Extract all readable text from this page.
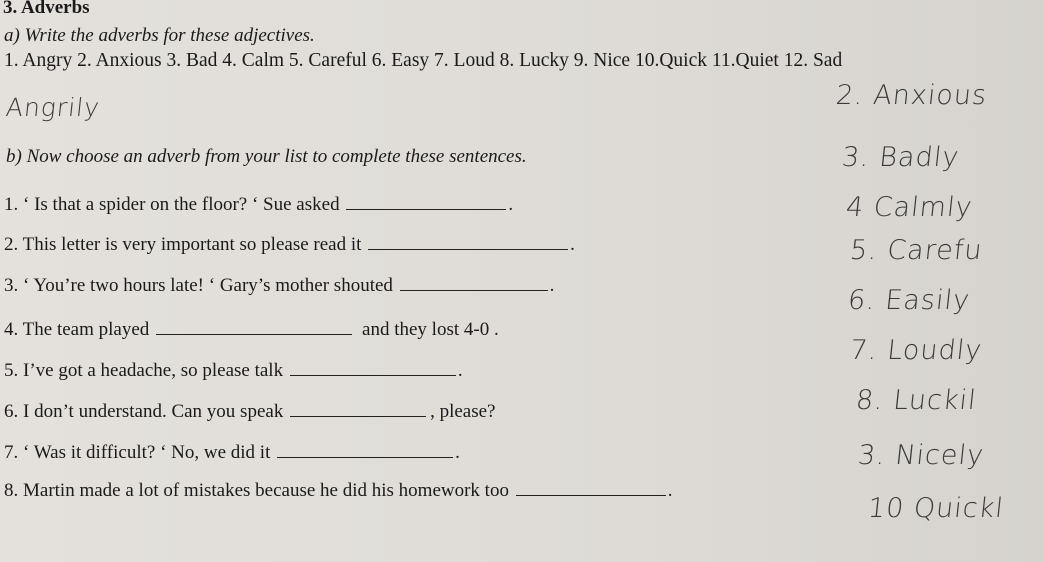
3. Adverbs
a) Write the adverbs for these adjectives.
1. Angry 2. Anxious 3. Bad 4. Calm 5. Careful 6. Easy 7. Loud 8. Lucky 9. Nice 10.Quick 11.Quiet 12. Sad
Angrily
b) Now choose an adverb from your list to complete these sentences.
1. ‘ Is that a spider on the floor? ‘ Sue asked	.
2. This letter is very important so please read it	.
3. ‘ You’re two hours late! ‘ Gary’s mother shouted	.
4. The team played	and they lost 4-0 .
5. I’ve got a headache, so please talk	.
6. I don’t understand. Can you speak	, please?
7. ‘ Was it difficult? ‘ No, we did it	.
8. Martin made a lot of mistakes because he did his homework too	.
2. Anxious
3. Badly
4 Calmly
5. Carefu
6. Easily
7. Loudly
8. Luckil
3. Nicely
10 Quickl
